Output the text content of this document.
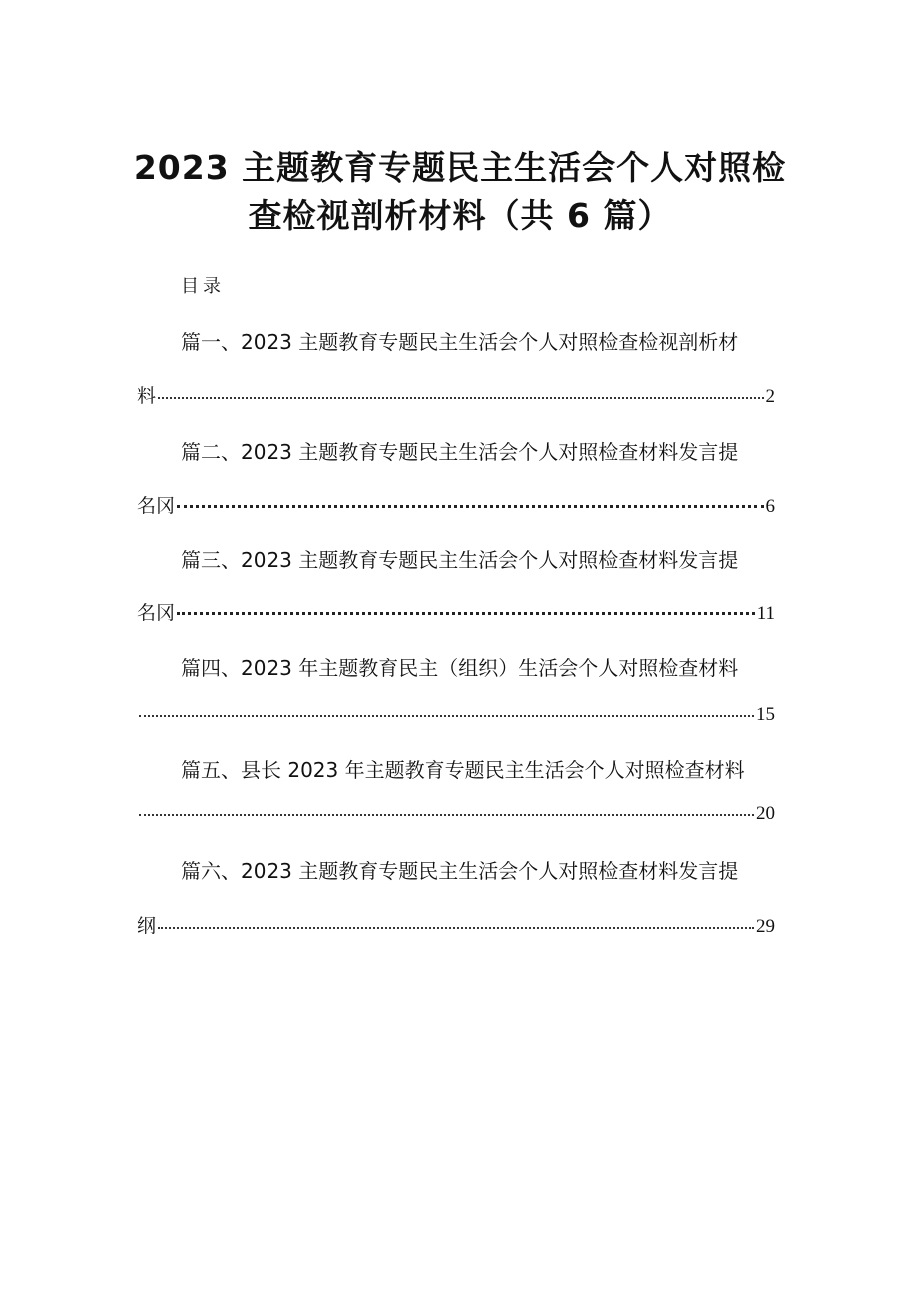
2023 主题教育专题民主生活会个人对照检
查检视剖析材料（共 6 篇）
目录
篇一、2023 主题教育专题民主生活会个人对照检查检视剖析材
料	2
篇二、2023 主题教育专题民主生活会个人对照检查材料发言提
名冈	6
篇三、2023 主题教育专题民主生活会个人对照检查材料发言提
名冈	11
篇四、2023 年主题教育民主（组织）生活会个人对照检查材料
15
篇五、县长 2023 年主题教育专题民主生活会个人对照检查材料
20
篇六、2023 主题教育专题民主生活会个人对照检查材料发言提
纲	29
